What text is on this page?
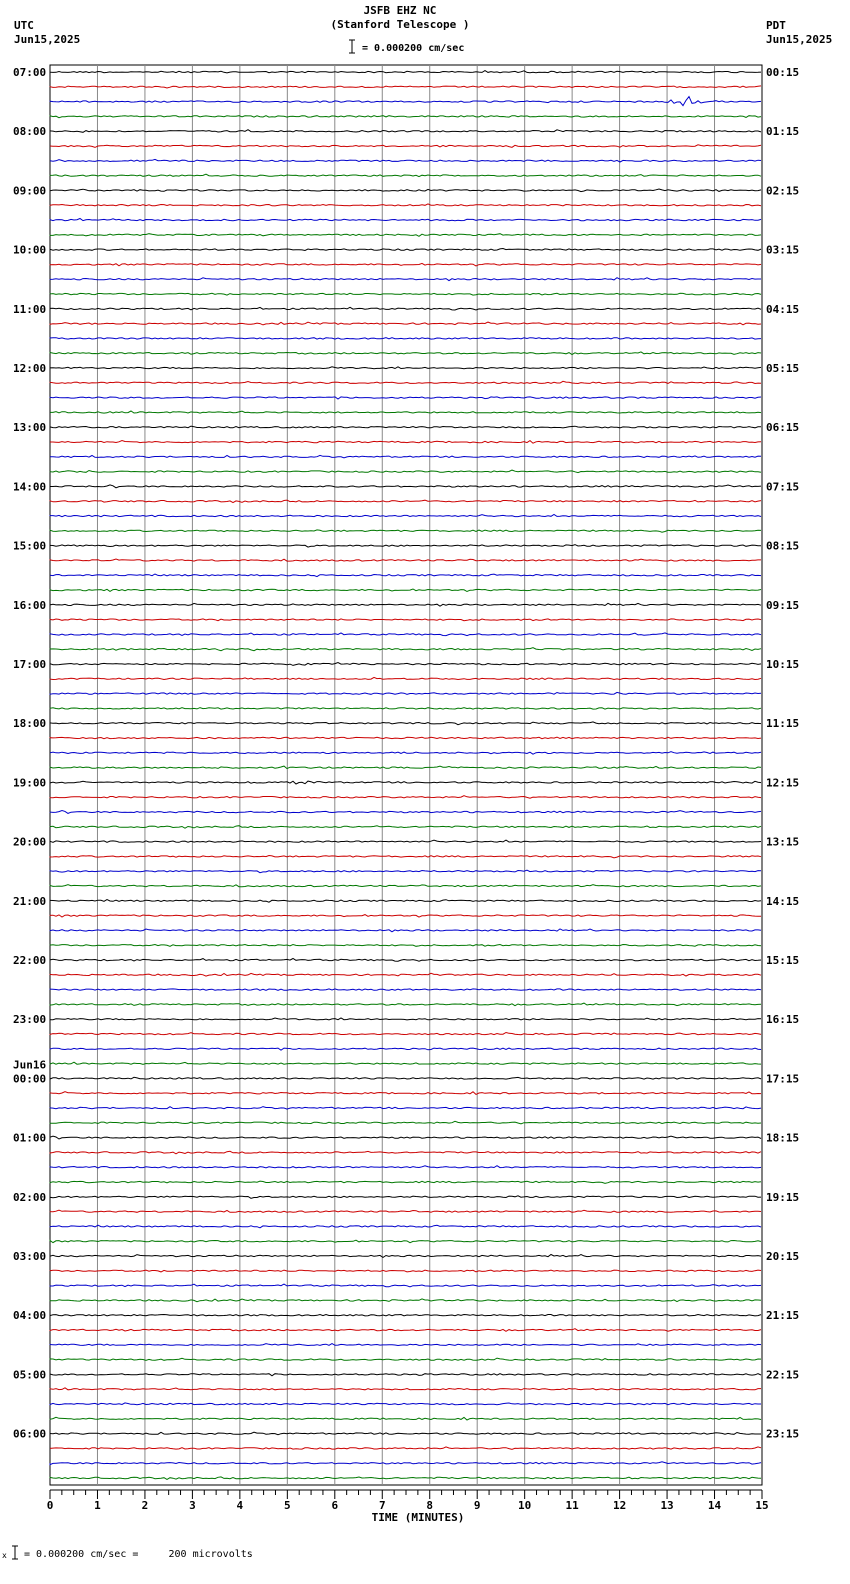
JSFB EHZ NC
(Stanford Telescope )
= 0.000200 cm/sec
UTC
Jun15,2025
PDT
Jun15,2025
= 0.000200 cm/sec =     200 microvolts
07:00
08:00
09:00
10:00
11:00
12:00
13:00
14:00
15:00
16:00
17:00
18:00
19:00
20:00
21:00
22:00
23:00
00:00
01:00
02:00
03:00
04:00
05:00
06:00
Jun16
00:15
01:15
02:15
03:15
04:15
05:15
06:15
07:15
08:15
09:15
10:15
11:15
12:15
13:15
14:15
15:15
16:15
17:15
18:15
19:15
20:15
21:15
22:15
23:15
0	1	2	3	4	5	6	7	8	9	10	11	12	13	14	15
TIME (MINUTES)
x
